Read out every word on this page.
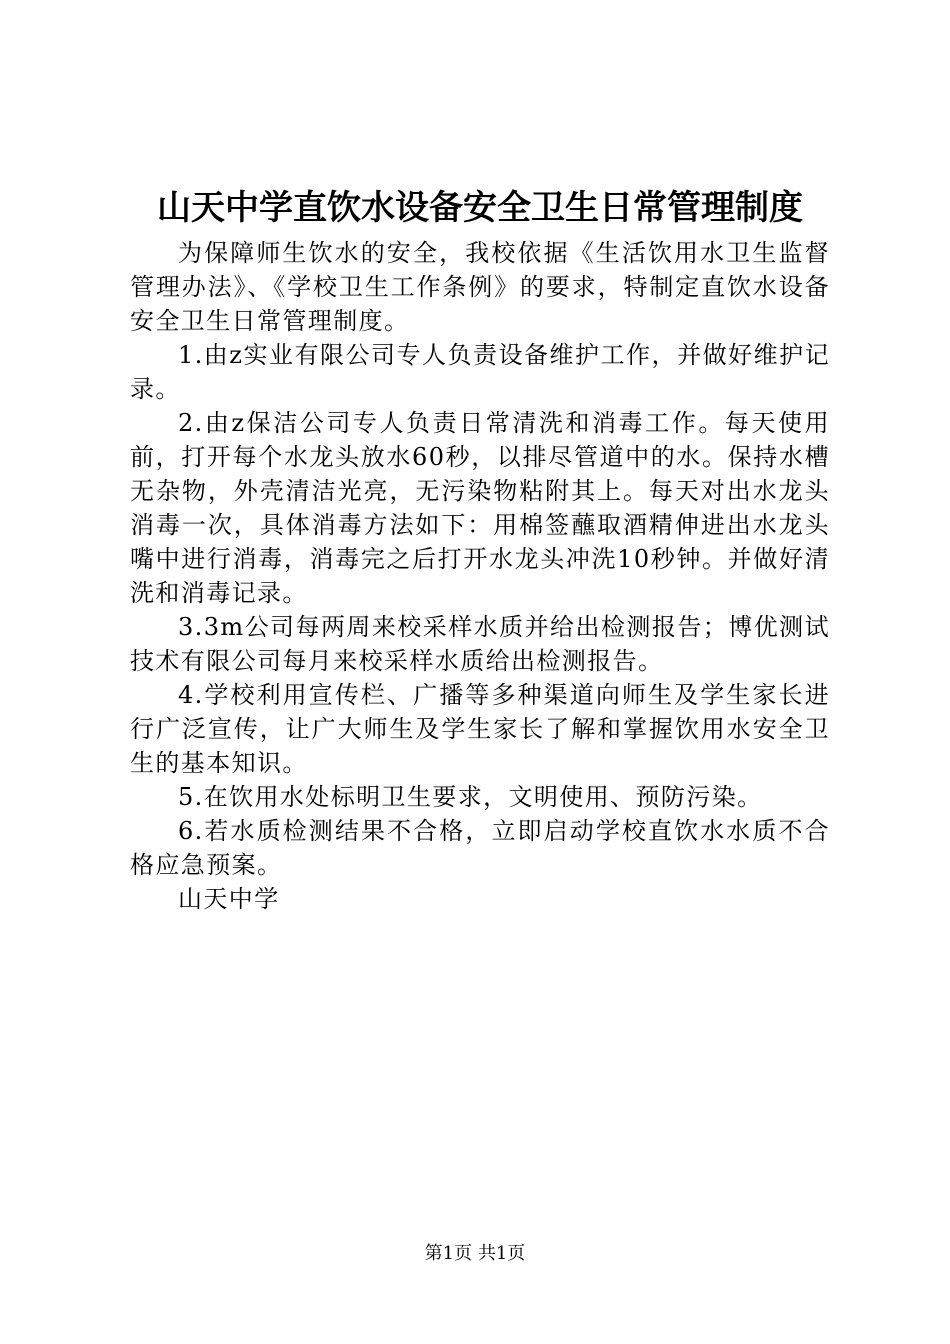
山天中学直饮水设备安全卫生日常管理制度

为保障师生饮水的安全，我校依据《生活饮用水卫生监督管理办法》、《学校卫生工作条例》的要求，特制定直饮水设备安全卫生日常管理制度。

1.由z实业有限公司专人负责设备维护工作，并做好维护记录。

2.由z保洁公司专人负责日常清洗和消毒工作。每天使用前，打开每个水龙头放水60秒，以排尽管道中的水。保持水槽无杂物，外壳清洁光亮，无污染物粘附其上。每天对出水龙头消毒一次，具体消毒方法如下：用棉签蘸取酒精伸进出水龙头嘴中进行消毒，消毒完之后打开水龙头冲洗10秒钟。并做好清洗和消毒记录。

3.3m公司每两周来校采样水质并给出检测报告；博优测试技术有限公司每月来校采样水质给出检测报告。

4.学校利用宣传栏、广播等多种渠道向师生及学生家长进行广泛宣传，让广大师生及学生家长了解和掌握饮用水安全卫生的基本知识。

5.在饮用水处标明卫生要求，文明使用、预防污染。

6.若水质检测结果不合格，立即启动学校直饮水水质不合格应急预案。

山天中学

第1页 共1页
